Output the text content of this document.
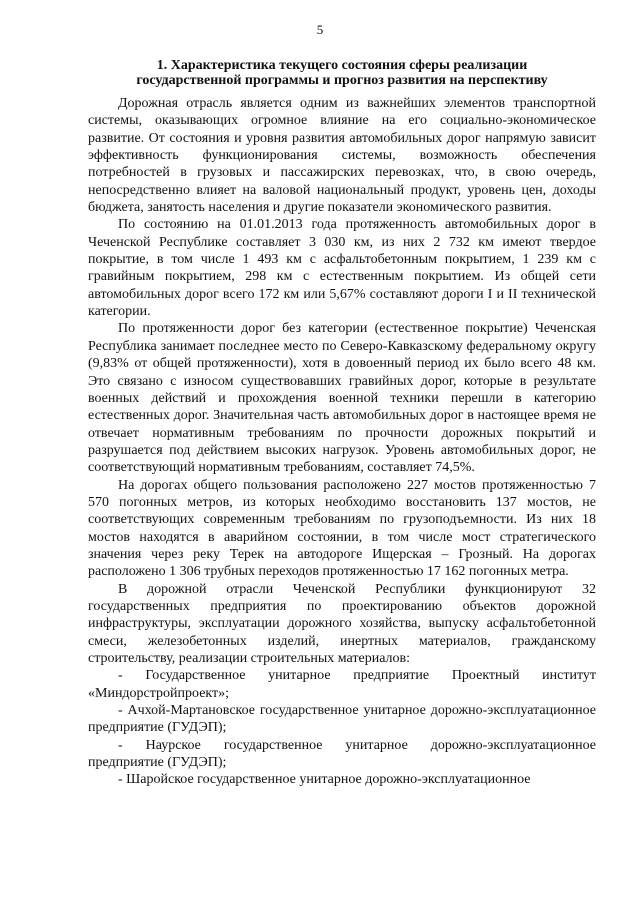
5
1. Характеристика текущего состояния сферы реализации
государственной программы и прогноз развития на перспективу

Дорожная отрасль является одним из важнейших элементов транспортной системы, оказывающих огромное влияние на его социально-экономическое развитие. От состояния и уровня развития автомобильных дорог напрямую зависит эффективность функционирования системы, возможность обеспечения потребностей в грузовых и пассажирских перевозках, что, в свою очередь, непосредственно влияет на валовой национальный продукт, уровень цен, доходы бюджета, занятость населения и другие показатели экономического развития.

По состоянию на 01.01.2013 года протяженность автомобильных дорог в Чеченской Республике составляет 3 030 км, из них 2 732 км имеют твердое покрытие, в том числе 1 493 км с асфальтобетонным покрытием, 1 239 км с гравийным покрытием, 298 км с естественным покрытием. Из общей сети автомобильных дорог всего 172 км или 5,67% составляют дороги I и II технической категории.

По протяженности дорог без категории (естественное покрытие) Чеченская Республика занимает последнее место по Северо-Кавказскому федеральному округу (9,83% от общей протяженности), хотя в довоенный период их было всего 48 км. Это связано с износом существовавших гравийных дорог, которые в результате военных действий и прохождения военной техники перешли в категорию естественных дорог. Значительная часть автомобильных дорог в настоящее время не отвечает нормативным требованиям по прочности дорожных покрытий и разрушается под действием высоких нагрузок. Уровень автомобильных дорог, не соответствующий нормативным требованиям, составляет 74,5%.

На дорогах общего пользования расположено 227 мостов протяженностью 7 570 погонных метров, из которых необходимо восстановить 137 мостов, не соответствующих современным требованиям по грузоподъемности. Из них 18 мостов находятся в аварийном состоянии, в том числе мост стратегического значения через реку Терек на автодороге Ищерская – Грозный. На дорогах расположено 1 306 трубных переходов протяженностью 17 162 погонных метра.

В дорожной отрасли Чеченской Республики функционируют 32 государственных предприятия по проектированию объектов дорожной инфраструктуры, эксплуатации дорожного хозяйства, выпуску асфальтобетонной смеси, железобетонных изделий, инертных материалов, гражданскому строительству, реализации строительных материалов:

- Государственное унитарное предприятие Проектный институт «Миндорстройпроект»;

- Ачхой-Мартановское государственное унитарное дорожно-эксплуатационное предприятие (ГУДЭП);

- Наурское государственное унитарное дорожно-эксплуатационное предприятие (ГУДЭП);

- Шаройское государственное унитарное дорожно-эксплуатационное
